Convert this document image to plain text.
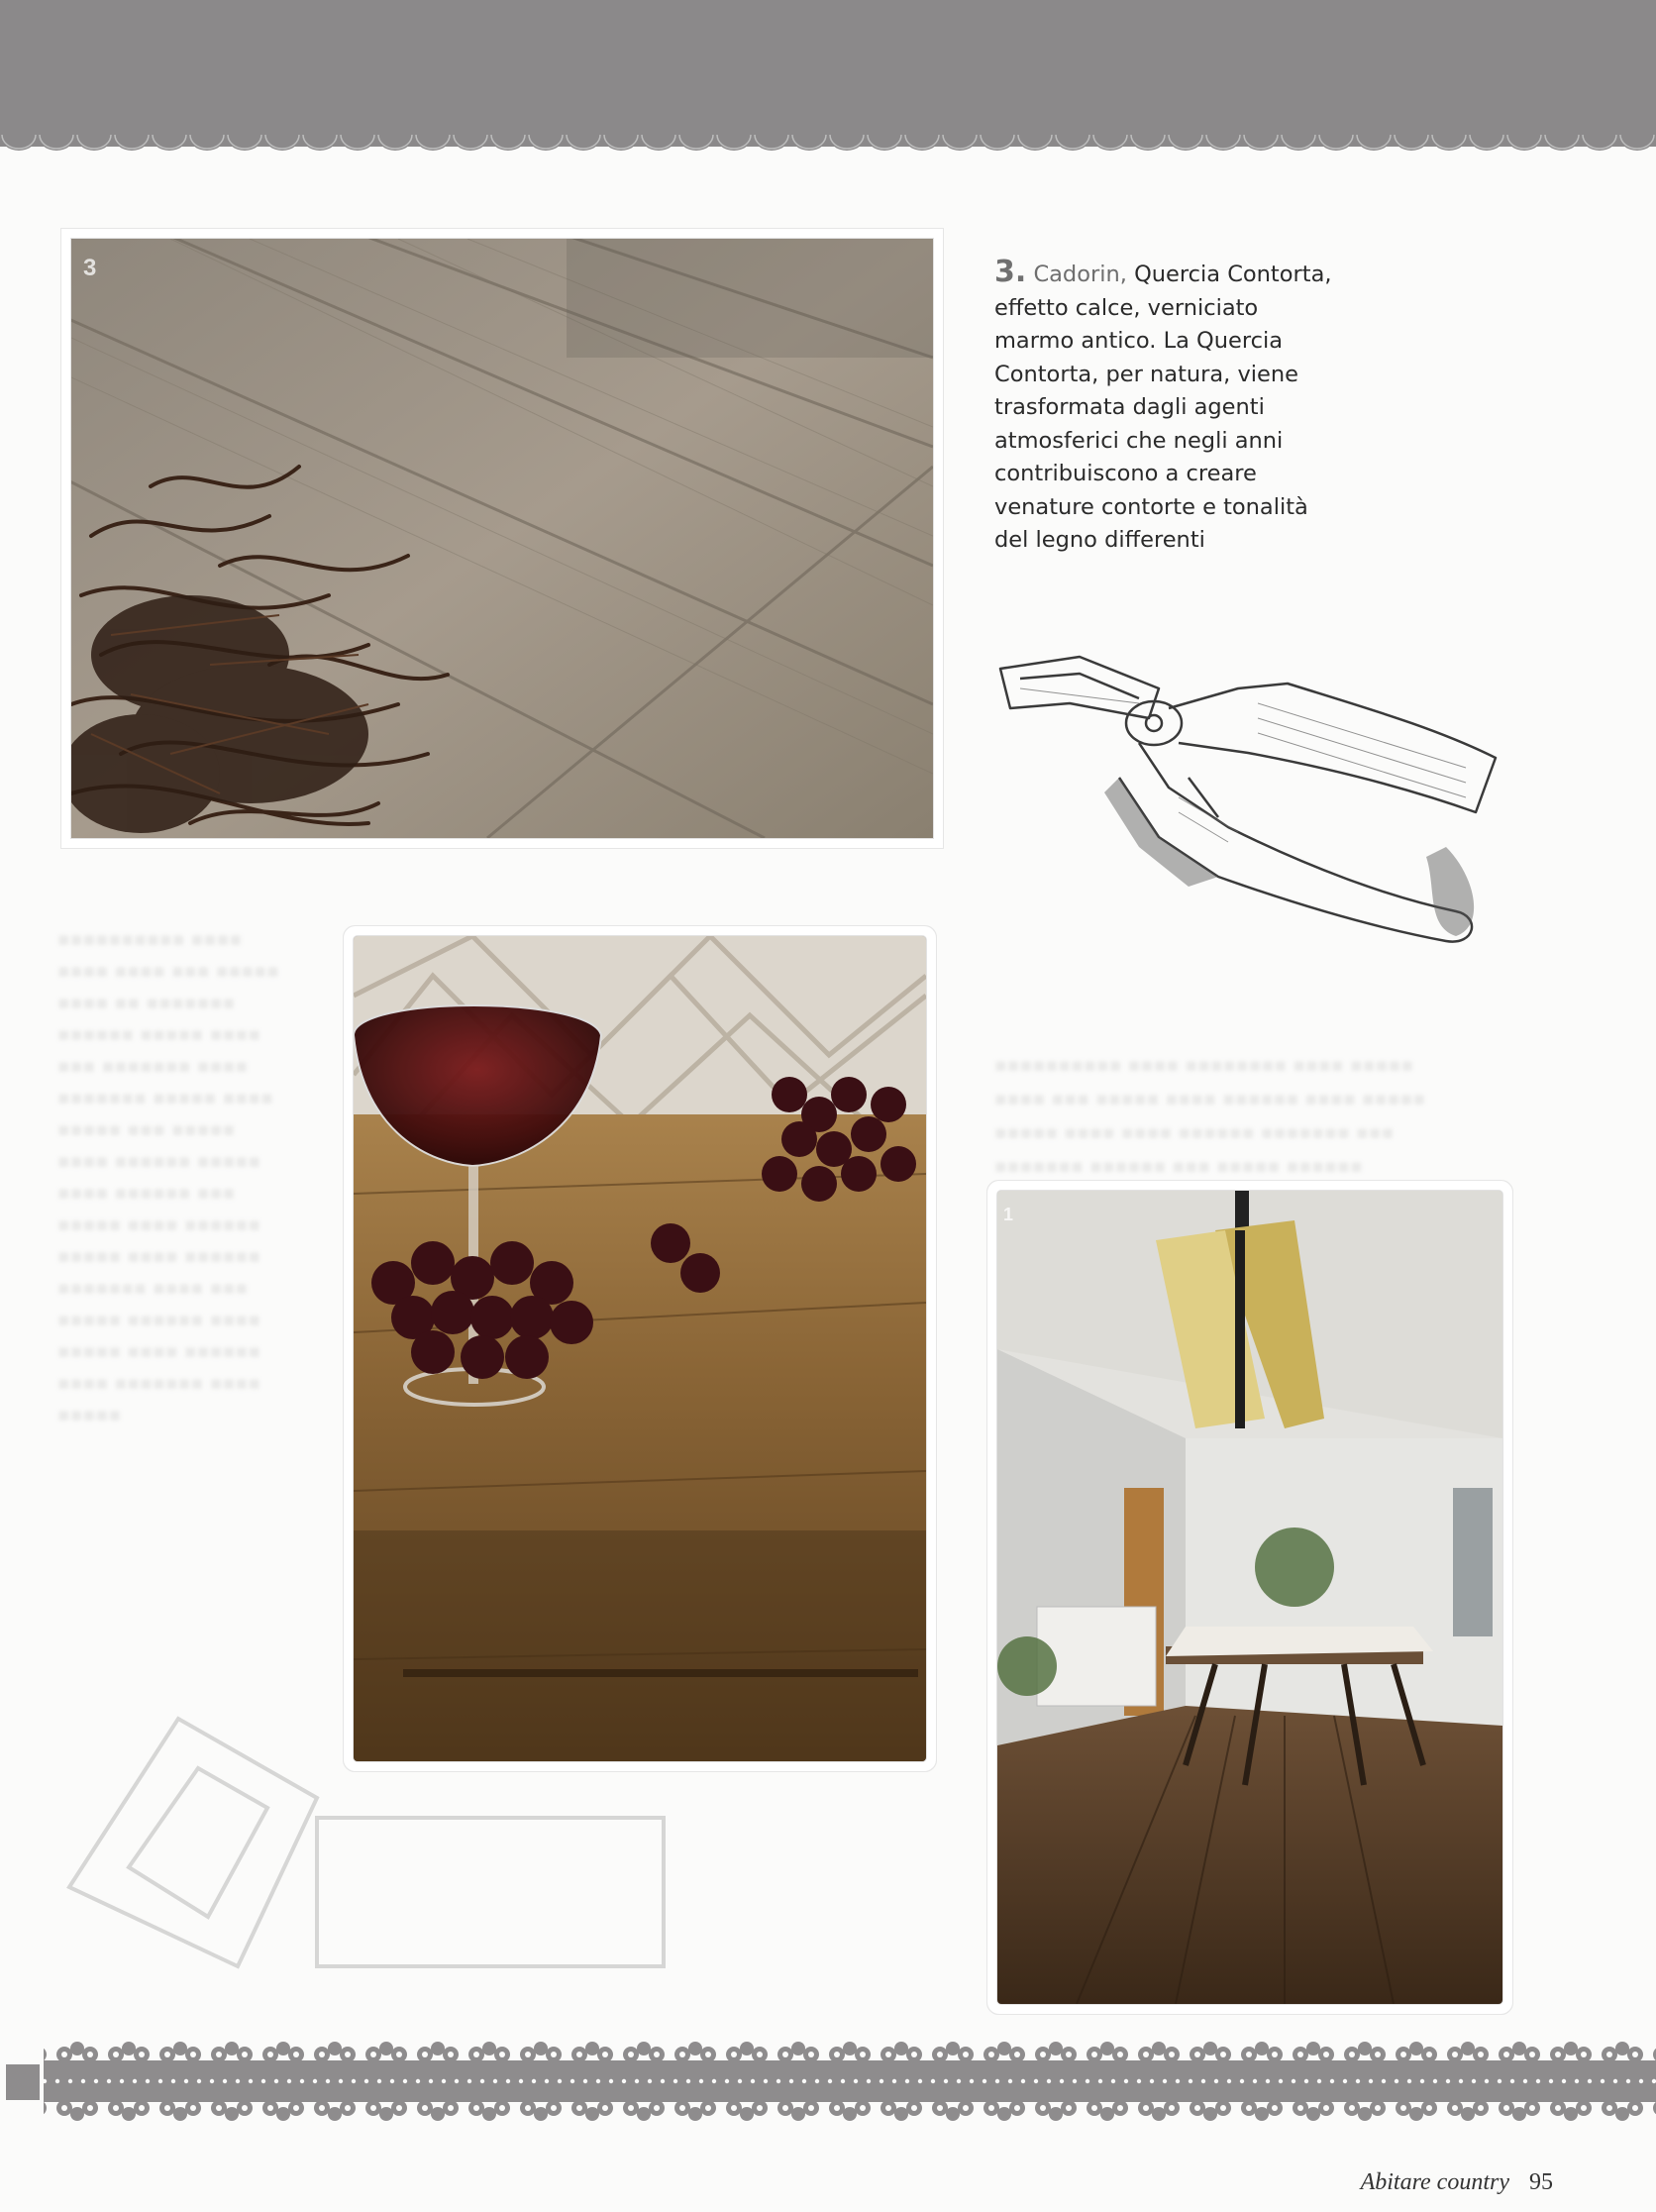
3	3. Cadorin, Quercia Contorta,
effetto calce, verniciato
marmo antico. La Quercia
Contorta, per natura, viene
trasformata dagli agenti
atmosferici che negli anni
contribuiscono a creare
venature contorte e tonalità
del legno differenti
▪▪▪▪▪▪▪▪▪▪ ▪▪▪▪ ▪▪▪▪ ▪▪▪▪ ▪▪▪ ▪▪▪▪▪ ▪▪▪▪ ▪▪ ▪▪▪▪▪▪▪ ▪▪▪▪▪▪ ▪▪▪▪▪ ▪▪▪▪ ▪▪▪ ▪▪▪▪▪▪▪ ▪▪▪▪ ▪▪▪▪▪▪▪ ▪▪▪▪▪ ▪▪▪▪ ▪▪▪▪▪ ▪▪▪ ▪▪▪▪▪ ▪▪▪▪ ▪▪▪▪▪▪ ▪▪▪▪▪ ▪▪▪▪ ▪▪▪▪▪▪ ▪▪▪ ▪▪▪▪▪ ▪▪▪▪ ▪▪▪▪▪▪ ▪▪▪▪▪ ▪▪▪▪ ▪▪▪▪▪▪ ▪▪▪▪▪▪▪ ▪▪▪▪ ▪▪▪ ▪▪▪▪▪ ▪▪▪▪▪▪ ▪▪▪▪ ▪▪▪▪▪ ▪▪▪▪ ▪▪▪▪▪▪ ▪▪▪▪ ▪▪▪▪▪▪▪ ▪▪▪▪ ▪▪▪▪▪
▪▪▪▪▪▪▪▪▪▪ ▪▪▪▪ ▪▪▪▪▪▪▪▪ ▪▪▪▪ ▪▪▪▪▪ ▪▪▪▪ ▪▪▪ ▪▪▪▪▪ ▪▪▪▪ ▪▪▪▪▪▪ ▪▪▪▪ ▪▪▪▪▪ ▪▪▪▪▪ ▪▪▪▪ ▪▪▪▪ ▪▪▪▪▪▪ ▪▪▪▪▪▪▪ ▪▪▪ ▪▪▪▪▪▪▪ ▪▪▪▪▪▪ ▪▪▪ ▪▪▪▪▪ ▪▪▪▪▪▪
1
Abitare country 95
